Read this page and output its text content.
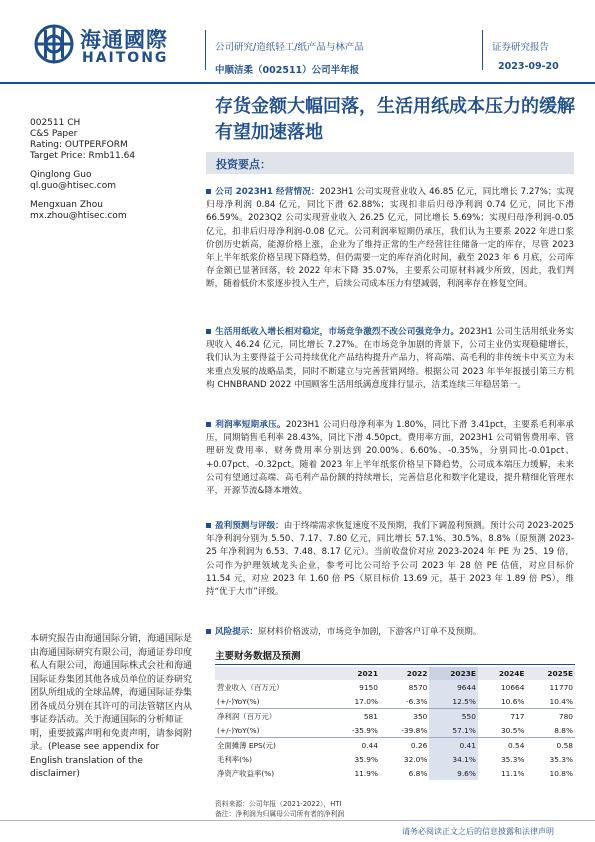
海通國際
HAITONG
公司研究/造纸轻工/纸产品与林产品
中顺洁柔（002511）公司半年报
证券研究报告
2023-09-20
002511 CH
C&S Paper
Rating: OUTPERFORM
Target Price: Rmb11.64
Qinglong Guo
ql.guo@htisec.com
Mengxuan Zhou
mx.zhou@htisec.com
本研究报告由海通国际分销，海通国际是由海通国际研究有限公司，海通证券印度私人有限公司，海通国际株式会社和海通国际证券集团其他各成员单位的证券研究团队所组成的全球品牌，海通国际证券集团各成员分别在其许可的司法管辖区内从事证券活动。关于海通国际的分析师证明，重要披露声明和免责声明，请参阅附录。(Please see appendix for English translation of the disclaimer)
存货金额大幅回落，生活用纸成本压力的缓解有望加速落地
投资要点：
公司 2023H1 经营情况：2023H1 公司实现营业收入 46.85 亿元，同比增长 7.27%；实现归母净利润 0.84 亿元，同比下滑 62.88%；实现扣非后归母净利润 0.74 亿元，同比下滑 66.59%。2023Q2 公司实现营业收入 26.25 亿元，同比增长 5.69%；实现归母净利润-0.05 亿元，扣非后归母净利润-0.08 亿元。公司利润率短期仍承压，我们认为主要系 2022 年进口浆价创历史新高，能源价格上涨，企业为了维持正常的生产经营往往储备一定的库存，尽管 2023 年上半年纸浆价格呈现下降趋势，但仍需要一定的库存消化时间，截至 2023 年 6 月底，公司库存金额已显著回落，较 2022 年末下降 35.07%，主要系公司原材料减少所致，因此，我们判断，随着低价木浆逐步投入生产，后续公司成本压力有望减弱，利润率存在修复空间。
生活用纸收入增长相对稳定，市场竞争激烈不改公司强竞争力。2023H1 公司生活用纸业务实现收入 46.24 亿元，同比增长 7.27%。在市场竞争加剧的背景下，公司主业仍实现稳健增长，我们认为主要得益于公司持续优化产品结构提升产品力，将高端、高毛利的非传统卡中买立为未来重点发展的战略品类，同时不断建立与完善营销网络。根据公司 2023 年半年报援引第三方机构 CHNBRAND 2022 中国顾客生活用纸满意度排行显示，洁柔连续三年稳居第一。
利润率短期承压。2023H1 公司归母净利率为 1.80%，同比下滑 3.41pct，主要系毛利率承压，同期销售毛利率 28.43%，同比下滑 4.50pct。费用率方面，2023H1 公司销售费用率、管理研发费用率、财务费用率分别达到 20.00%、6.60%、-0.35%，分别同比-0.01pct、+0.07pct、-0.32pct。随着 2023 年上半年纸浆价格呈下降趋势，公司成本端压力缓解，未来公司有望通过高端、高毛利产品份额的持续增长，完善信息化和数字化建设，提升精细化管理水平，开源节流&降本增效。
盈利预测与评级：由于终端需求恢复速度不及预期，我们下调盈利预测。预计公司 2023-2025 年净利润分别为 5.50、7.17、7.80 亿元，同比增长 57.1%、30.5%、8.8%（原预测 2023-25 年净利润为 6.53、7.48、8.17 亿元）。当前收盘价对应 2023-2024 年 PE 为 25、19 倍，公司作为护理领域龙头企业，参考可比公司给予公司 2023 年 28 倍 PE 估值，对应目标价 11.54 元，对应 2023 年 1.60 倍 PS（原目标价 13.69 元，基于 2023 年 1.89 倍 PS），维持“优于大市”评级。
风险提示：原材料价格波动，市场竞争加剧，下游客户订单不及预期。
主要财务数据及预测
	2021	2022	2023E	2024E	2025E
营业收入（百万元）	9150	8570	9644	10664	11770
(+/-)YoY(%)	17.0%	-6.3%	12.5%	10.6%	10.4%
净利润（百万元）	581	350	550	717	780
(+/-)YoY(%)	-35.9%	-39.8%	57.1%	30.5%	8.8%
全面摊薄 EPS(元)	0.44	0.26	0.41	0.54	0.58
毛利率(%)	35.9%	32.0%	34.1%	35.3%	35.3%
净资产收益率(%)	11.9%	6.8%	9.6%	11.1%	10.8%
资料来源：公司年报（2021-2022），HTI
备注：净利润为归属母公司所有者的净利润
请务必阅读正文之后的信息披露和法律声明
